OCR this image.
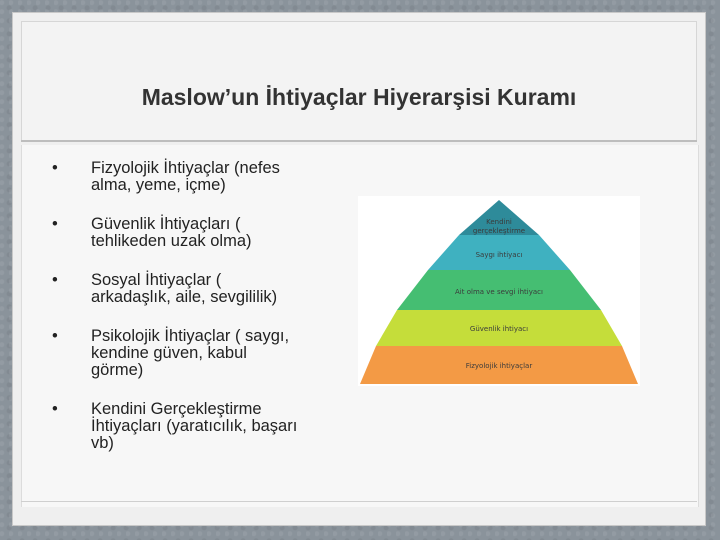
Maslow’un İhtiyaçlar Hiyerarşisi Kuramı
• Fizyolojik İhtiyaçlar (nefes alma, yeme, içme)
• Güvenlik İhtiyaçları ( tehlikeden uzak olma)
• Sosyal İhtiyaçlar ( arkadaşlık, aile, sevgililik)
• Psikolojik İhtiyaçlar ( saygı, kendine güven, kabul görme)
• Kendini Gerçekleştirme İhtiyaçları (yaratıcılık, başarı vb)
Kendini
gerçekleştirme
Saygı ihtiyacı
Ait olma ve sevgi ihtiyacı
Güvenlik ihtiyacı
Fizyolojik ihtiyaçlar
